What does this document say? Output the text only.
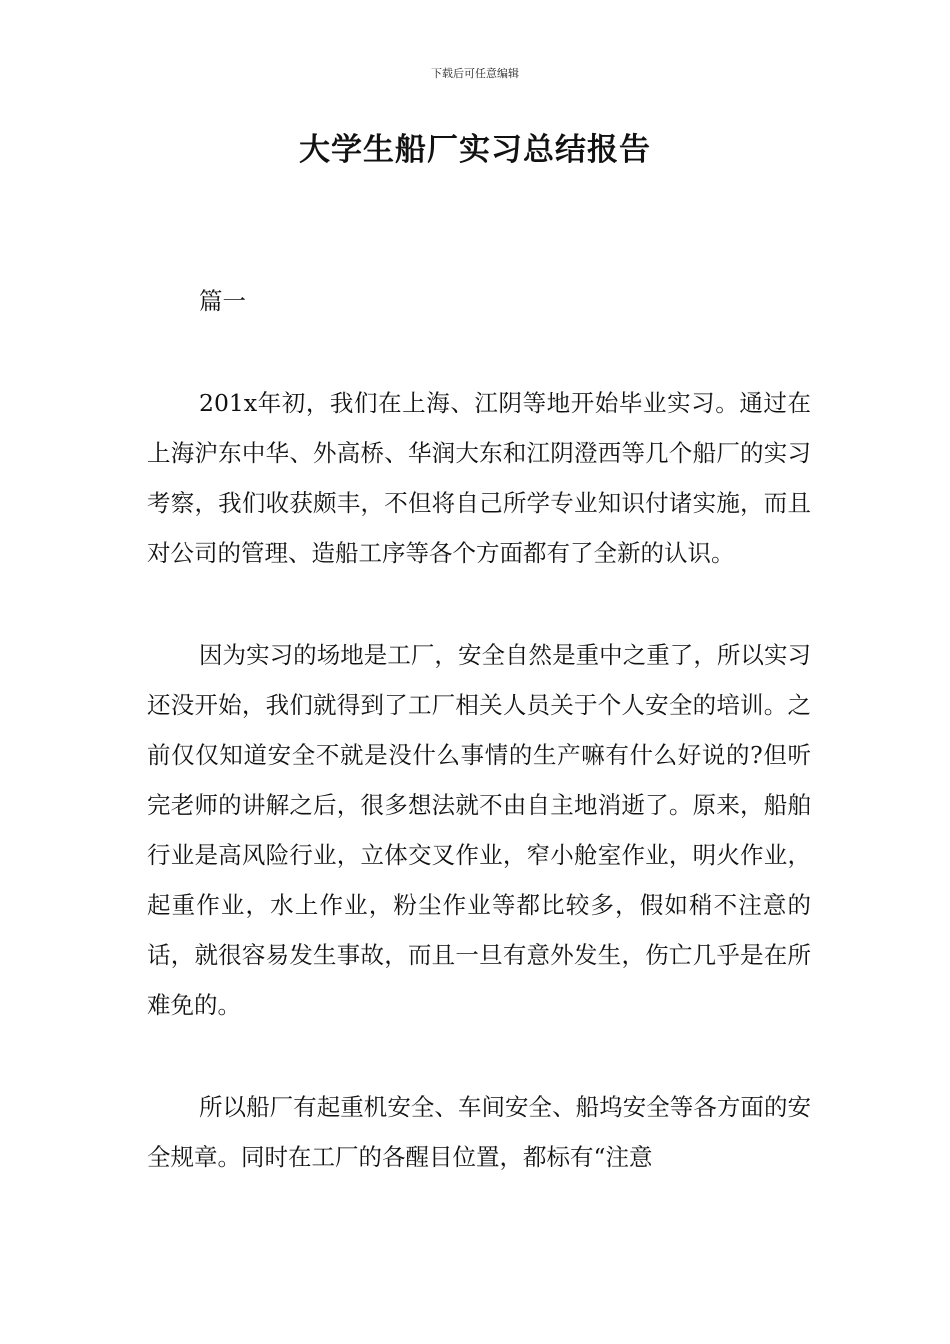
下载后可任意编辑
大学生船厂实习总结报告

篇一

201x年初，我们在上海、江阴等地开始毕业实习。通过在上海沪东中华、外高桥、华润大东和江阴澄西等几个船厂的实习考察，我们收获颇丰，不但将自己所学专业知识付诸实施，而且对公司的管理、造船工序等各个方面都有了全新的认识。

因为实习的场地是工厂，安全自然是重中之重了，所以实习还没开始，我们就得到了工厂相关人员关于个人安全的培训。之前仅仅知道安全不就是没什么事情的生产嘛有什么好说的?但听完老师的讲解之后，很多想法就不由自主地消逝了。原来，船舶行业是高风险行业，立体交叉作业，窄小舱室作业，明火作业，起重作业，水上作业，粉尘作业等都比较多，假如稍不注意的话，就很容易发生事故，而且一旦有意外发生，伤亡几乎是在所难免的。

所以船厂有起重机安全、车间安全、船坞安全等各方面的安全规章。同时在工厂的各醒目位置，都标有“注意
